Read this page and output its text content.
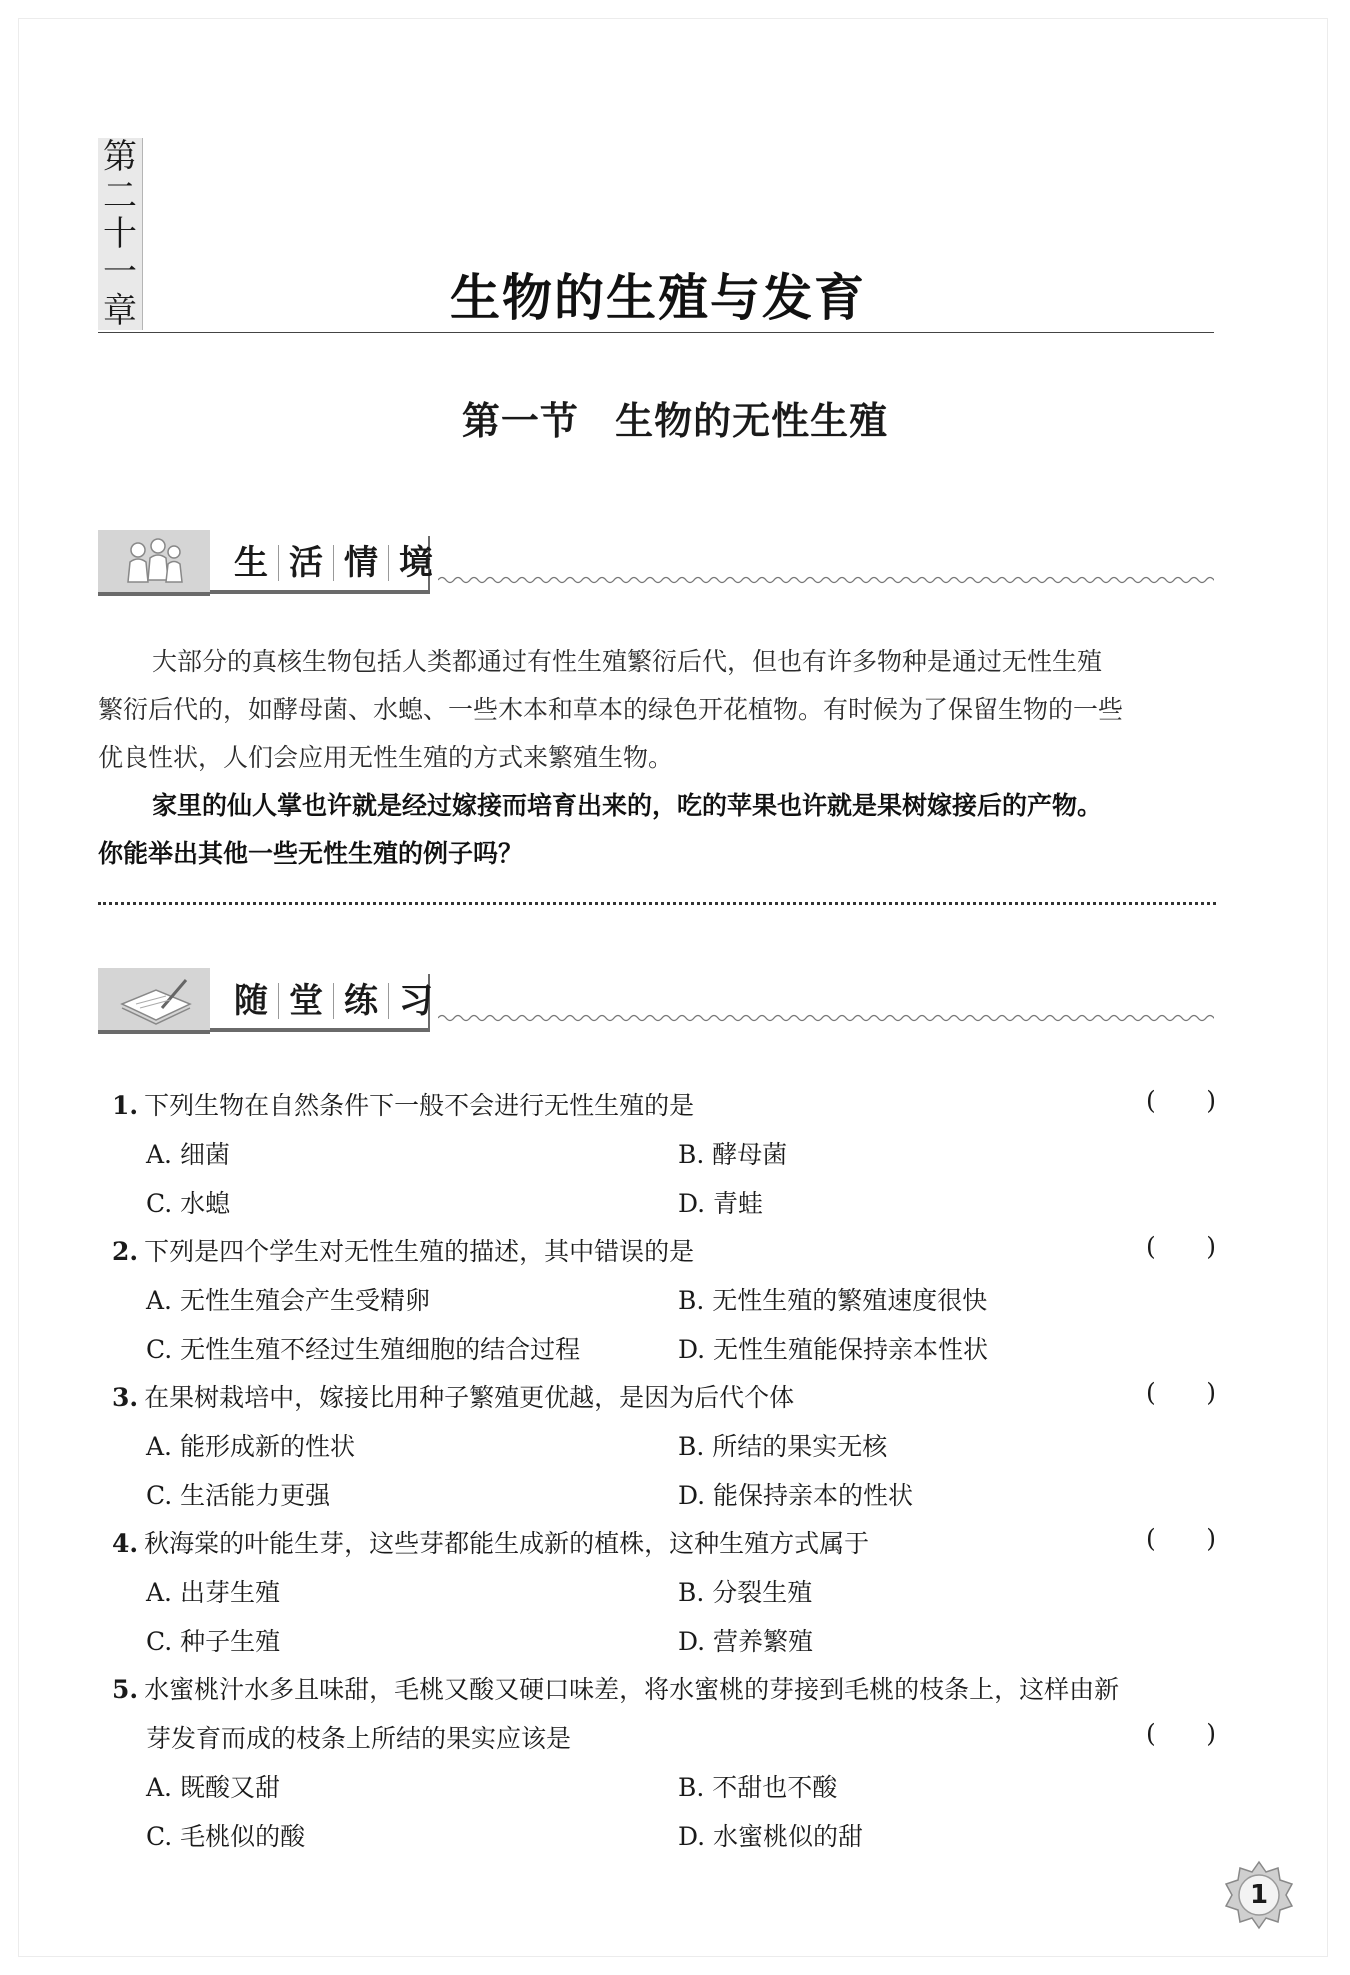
第
二
十
一
章	生物的生殖与发育
第一节 生物的无性生殖
生 活 情 境
大部分的真核生物包括人类都通过有性生殖繁衍后代，但也有许多物种是通过无性生殖
繁衍后代的，如酵母菌、水螅、一些木本和草本的绿色开花植物。有时候为了保留生物的一些
优良性状，人们会应用无性生殖的方式来繁殖生物。
家里的仙人掌也许就是经过嫁接而培育出来的，吃的苹果也许就是果树嫁接后的产物。
你能举出其他一些无性生殖的例子吗？
随 堂 练 习
1. 下列生物在自然条件下一般不会进行无性生殖的是	( )
A. 细菌	B. 酵母菌
C. 水螅	D. 青蛙
2. 下列是四个学生对无性生殖的描述，其中错误的是	( )
A. 无性生殖会产生受精卵	B. 无性生殖的繁殖速度很快
C. 无性生殖不经过生殖细胞的结合过程	D. 无性生殖能保持亲本性状
3. 在果树栽培中，嫁接比用种子繁殖更优越，是因为后代个体	( )
A. 能形成新的性状	B. 所结的果实无核
C. 生活能力更强	D. 能保持亲本的性状
4. 秋海棠的叶能生芽，这些芽都能生成新的植株，这种生殖方式属于	( )
A. 出芽生殖	B. 分裂生殖
C. 种子生殖	D. 营养繁殖
5. 水蜜桃汁水多且味甜，毛桃又酸又硬口味差，将水蜜桃的芽接到毛桃的枝条上，这样由新
芽发育而成的枝条上所结的果实应该是	( )
A. 既酸又甜	B. 不甜也不酸
C. 毛桃似的酸	D. 水蜜桃似的甜
1
